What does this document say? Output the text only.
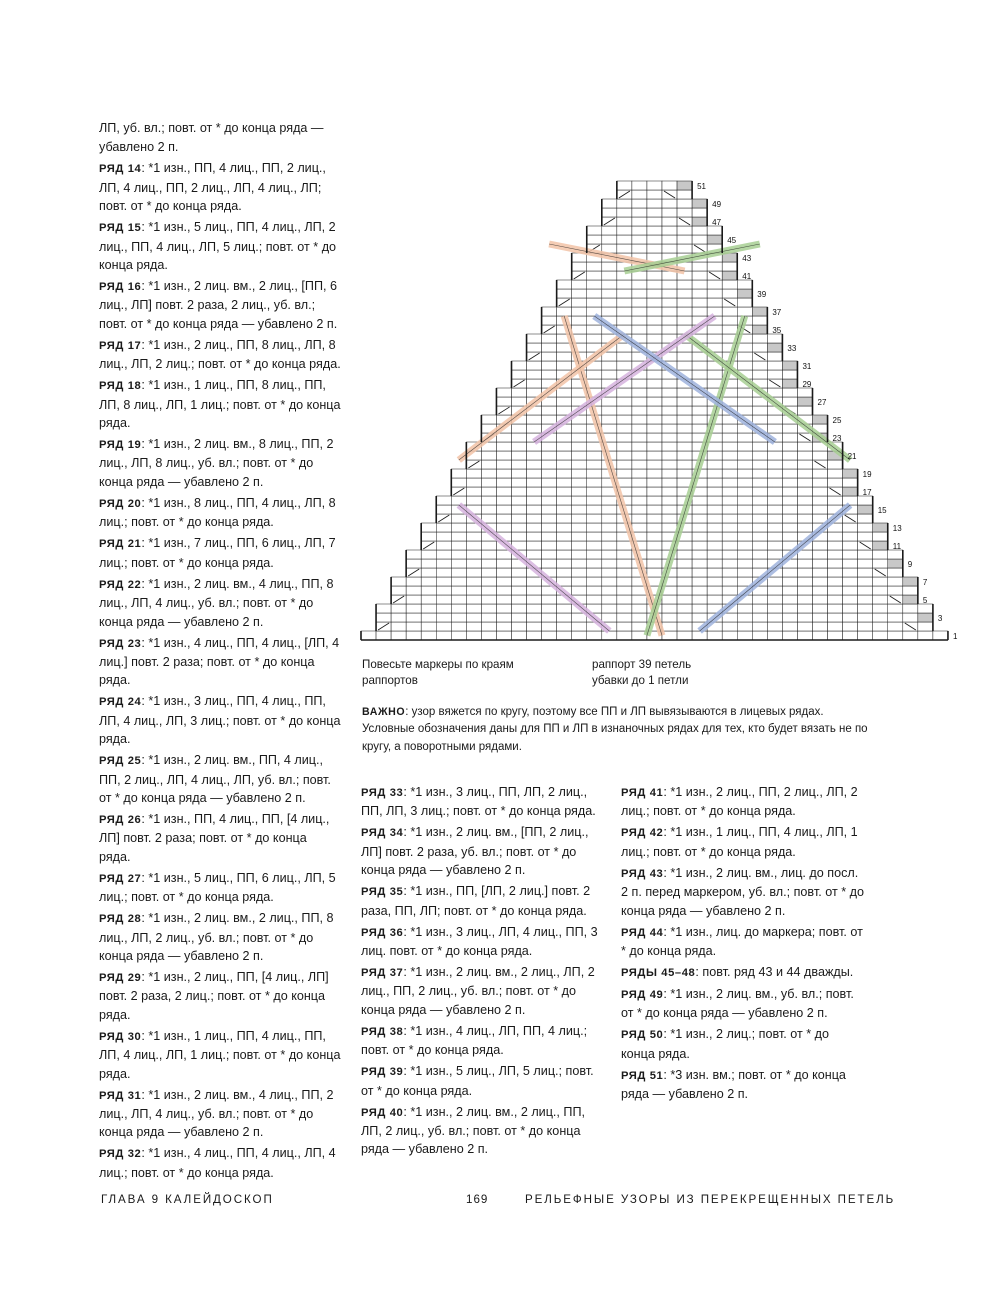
ЛП, уб. вл.; повт. от * до конца ряда — убавлено 2 п.
РЯД 14: *1 изн., ПП, 4 лиц., ПП, 2 лиц., ЛП, 4 лиц., ПП, 2 лиц., ЛП, 4 лиц., ЛП; повт. от * до конца ряда.
РЯД 15: *1 изн., 5 лиц., ПП, 4 лиц., ЛП, 2 лиц., ПП, 4 лиц., ЛП, 5 лиц.; повт. от * до конца ряда.
РЯД 16: *1 изн., 2 лиц. вм., 2 лиц., [ПП, 6 лиц., ЛП] повт. 2 раза, 2 лиц., уб. вл.; повт. от * до конца ряда — убавлено 2 п.
РЯД 17: *1 изн., 2 лиц., ПП, 8 лиц., ЛП, 8 лиц., ЛП, 2 лиц.; повт. от * до конца ряда.
РЯД 18: *1 изн., 1 лиц., ПП, 8 лиц., ПП, ЛП, 8 лиц., ЛП, 1 лиц.; повт. от * до конца ряда.
РЯД 19: *1 изн., 2 лиц. вм., 8 лиц., ПП, 2 лиц., ЛП, 8 лиц., уб. вл.; повт. от * до конца ряда — убавлено 2 п.
РЯД 20: *1 изн., 8 лиц., ПП, 4 лиц., ЛП, 8 лиц.; повт. от * до конца ряда.
РЯД 21: *1 изн., 7 лиц., ПП, 6 лиц., ЛП, 7 лиц.; повт. от * до конца ряда.
РЯД 22: *1 изн., 2 лиц. вм., 4 лиц., ПП, 8 лиц., ЛП, 4 лиц., уб. вл.; повт. от * до конца ряда — убавлено 2 п.
РЯД 23: *1 изн., 4 лиц., ПП, 4 лиц., [ЛП, 4 лиц.] повт. 2 раза; повт. от * до конца ряда.
РЯД 24: *1 изн., 3 лиц., ПП, 4 лиц., ПП, ЛП, 4 лиц., ЛП, 3 лиц.; повт. от * до конца ряда.
РЯД 25: *1 изн., 2 лиц. вм., ПП, 4 лиц., ПП, 2 лиц., ЛП, 4 лиц., ЛП, уб. вл.; повт. от * до конца ряда — убавлено 2 п.
РЯД 26: *1 изн., ПП, 4 лиц., ПП, [4 лиц., ЛП] повт. 2 раза; повт. от * до конца ряда.
РЯД 27: *1 изн., 5 лиц., ПП, 6 лиц., ЛП, 5 лиц.; повт. от * до конца ряда.
РЯД 28: *1 изн., 2 лиц. вм., 2 лиц., ПП, 8 лиц., ЛП, 2 лиц., уб. вл.; повт. от * до конца ряда — убавлено 2 п.
РЯД 29: *1 изн., 2 лиц., ПП, [4 лиц., ЛП] повт. 2 раза, 2 лиц.; повт. от * до конца ряда.
РЯД 30: *1 изн., 1 лиц., ПП, 4 лиц., ПП, ЛП, 4 лиц., ЛП, 1 лиц.; повт. от * до конца ряда.
РЯД 31: *1 изн., 2 лиц. вм., 4 лиц., ПП, 2 лиц., ЛП, 4 лиц., уб. вл.; повт. от * до конца ряда — убавлено 2 п.
РЯД 32: *1 изн., 4 лиц., ПП, 4 лиц., ЛП, 4 лиц.; повт. от * до конца ряда.
1
3
5
7
9
11
13
15
17
19
21
23
25
27
29
31
33
35
37
39
41
43
45
47
49
51
Повесьте маркеры по краям раппортов
раппорт 39 петель
убавки до 1 петли
ВАЖНО: узор вяжется по кругу, поэтому все ПП и ЛП вывязываются в лицевых рядах. Условные обозначения даны для ПП и ЛП в изнаночных рядах для тех, кто будет вязать не по кругу, а поворотными рядами.
РЯД 33: *1 изн., 3 лиц., ПП, ЛП, 2 лиц., ПП, ЛП, 3 лиц.; повт. от * до конца ряда.
РЯД 34: *1 изн., 2 лиц. вм., [ПП, 2 лиц., ЛП] повт. 2 раза, уб. вл.; повт. от * до конца ряда — убавлено 2 п.
РЯД 35: *1 изн., ПП, [ЛП, 2 лиц.] повт. 2 раза, ПП, ЛП; повт. от * до конца ряда.
РЯД 36: *1 изн., 3 лиц., ЛП, 4 лиц., ПП, 3 лиц. повт. от * до конца ряда.
РЯД 37: *1 изн., 2 лиц. вм., 2 лиц., ЛП, 2 лиц., ПП, 2 лиц., уб. вл.; повт. от * до конца ряда — убавлено 2 п.
РЯД 38: *1 изн., 4 лиц., ЛП, ПП, 4 лиц.; повт. от * до конца ряда.
РЯД 39: *1 изн., 5 лиц., ЛП, 5 лиц.; повт. от * до конца ряда.
РЯД 40: *1 изн., 2 лиц. вм., 2 лиц., ПП, ЛП, 2 лиц., уб. вл.; повт. от * до конца ряда — убавлено 2 п.
РЯД 41: *1 изн., 2 лиц., ПП, 2 лиц., ЛП, 2 лиц.; повт. от * до конца ряда.
РЯД 42: *1 изн., 1 лиц., ПП, 4 лиц., ЛП, 1 лиц.; повт. от * до конца ряда.
РЯД 43: *1 изн., 2 лиц. вм., лиц. до посл. 2 п. перед маркером, уб. вл.; повт. от * до конца ряда — убавлено 2 п.
РЯД 44: *1 изн., лиц. до маркера; повт. от * до конца ряда.
РЯДЫ 45–48: повт. ряд 43 и 44 дважды.
РЯД 49: *1 изн., 2 лиц. вм., уб. вл.; повт. от * до конца ряда — убавлено 2 п.
РЯД 50: *1 изн., 2 лиц.; повт. от * до конца ряда.
РЯД 51: *3 изн. вм.; повт. от * до конца ряда — убавлено 2 п.
ГЛАВА 9 КАЛЕЙДОСКОП	169	РЕЛЬЕФНЫЕ УЗОРЫ ИЗ ПЕРЕКРЕЩЕННЫХ ПЕТЕЛЬ
